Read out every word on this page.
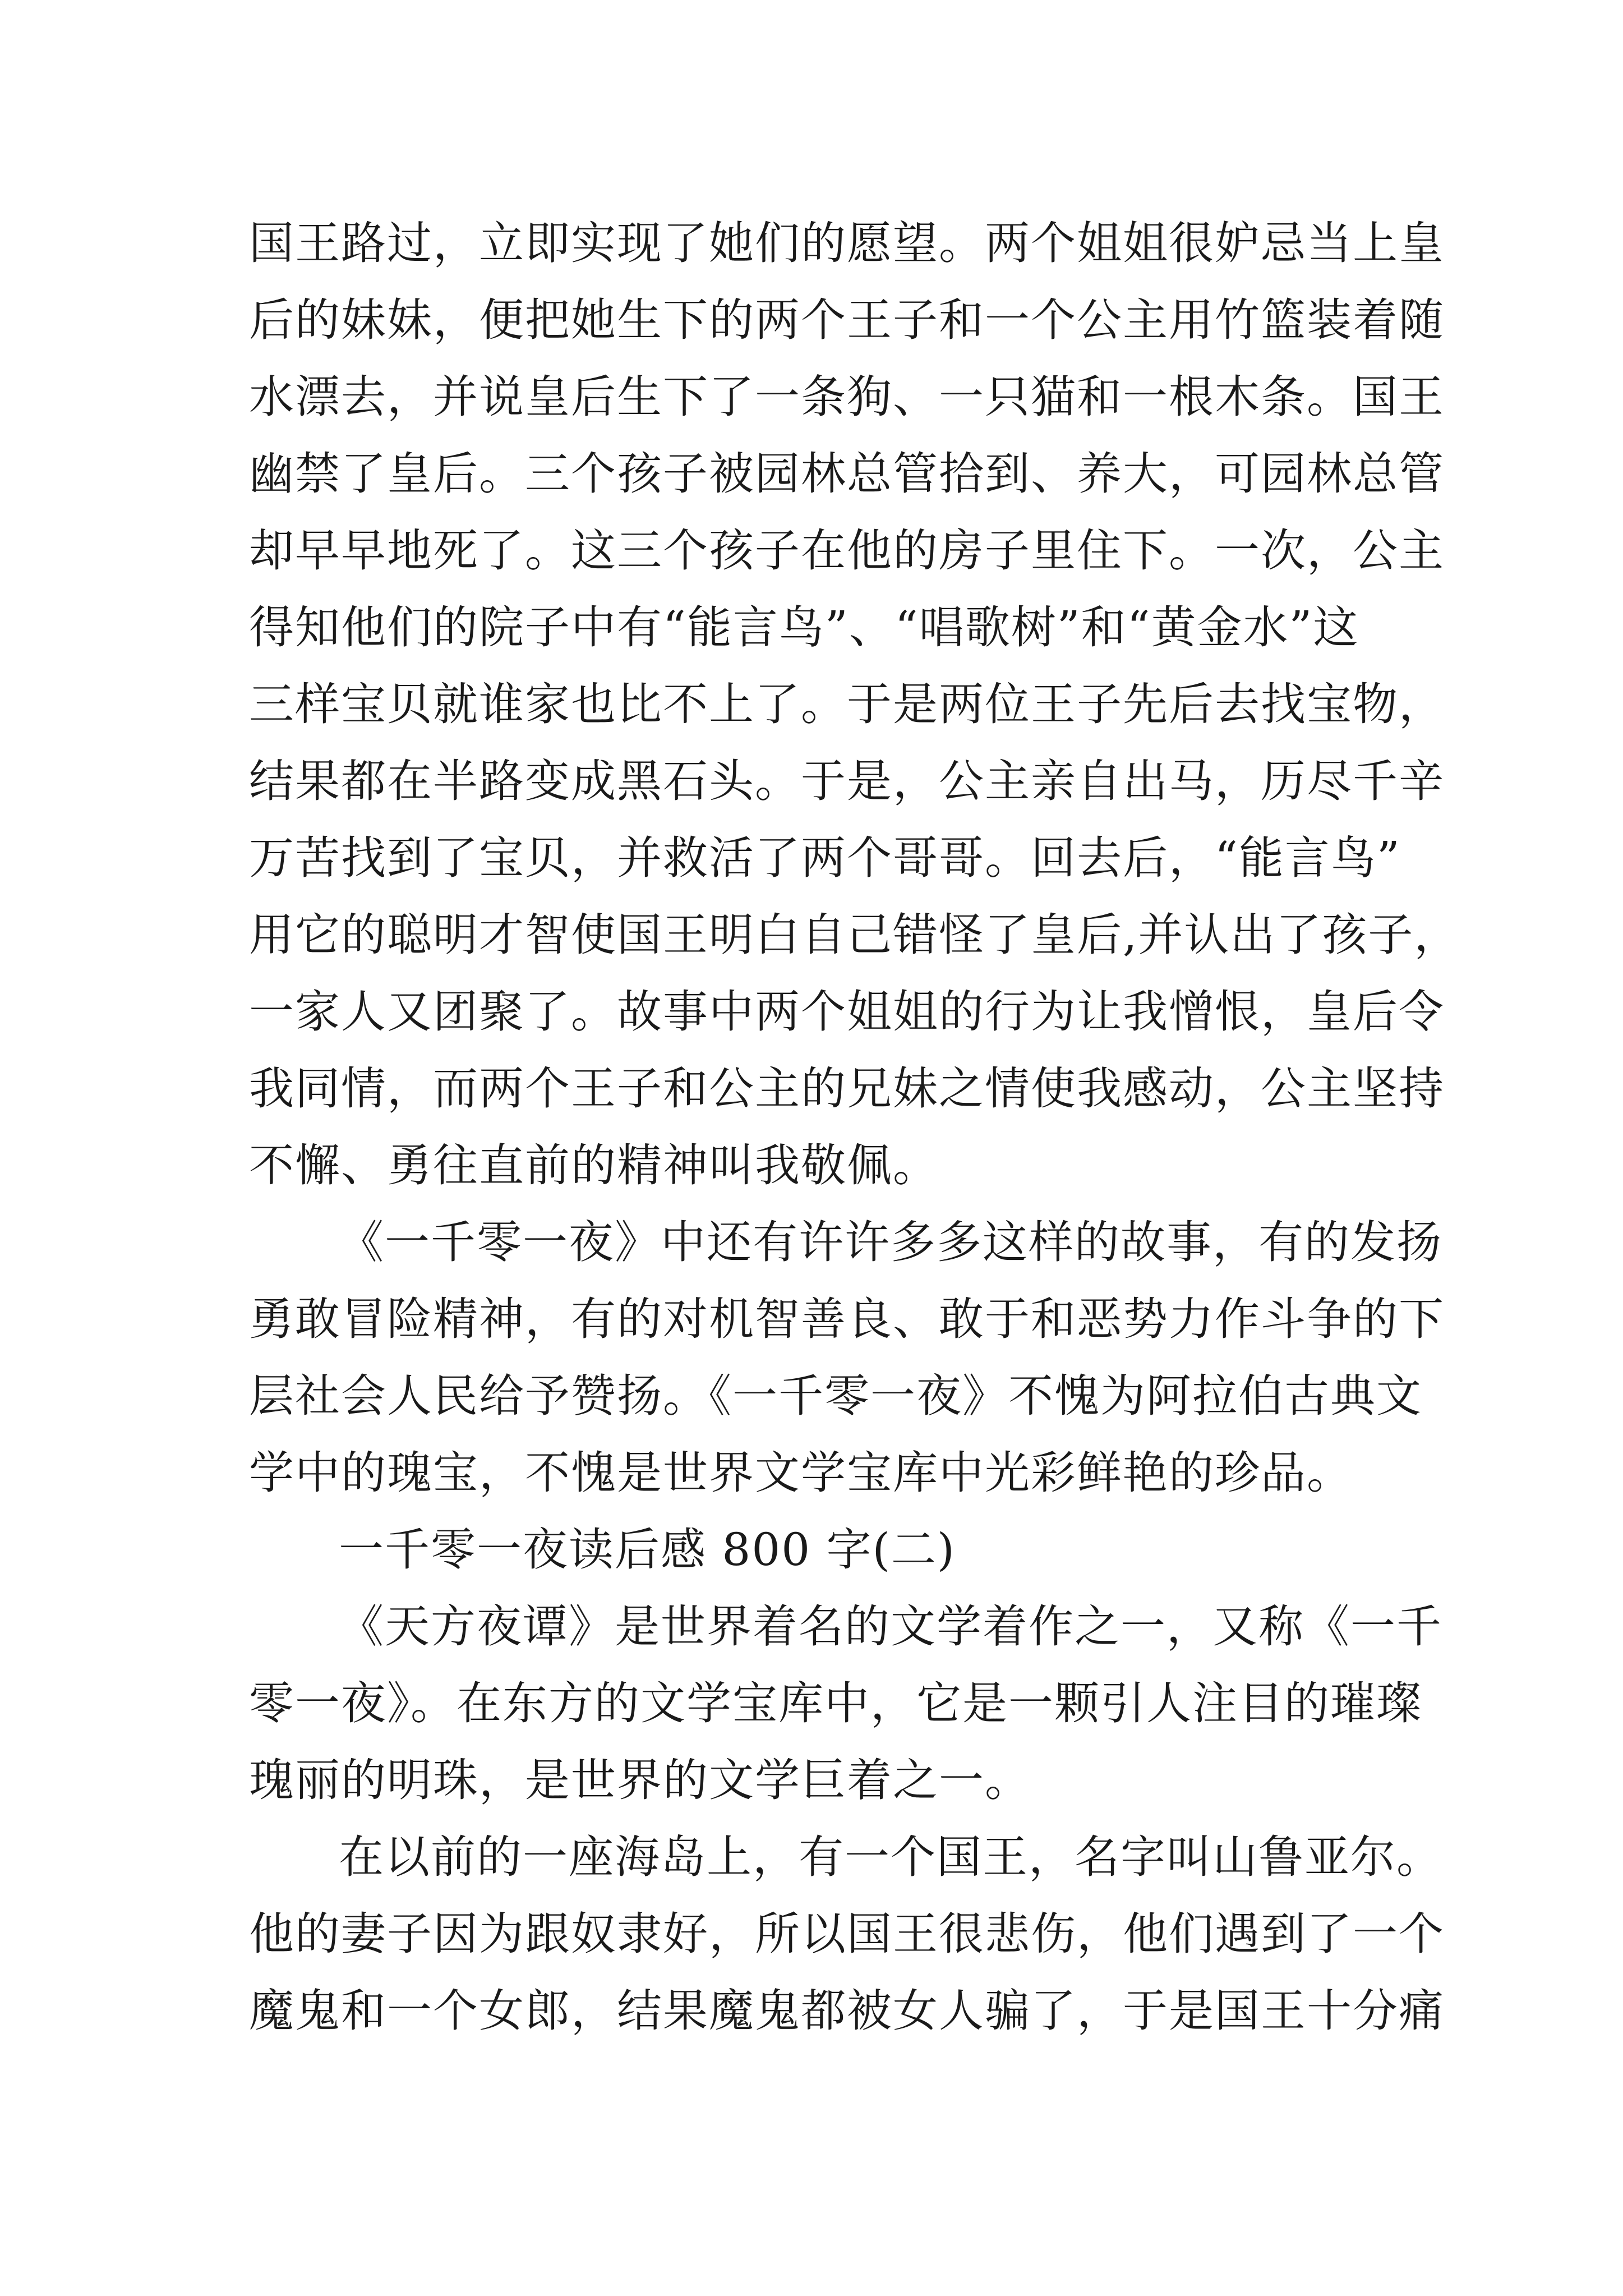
国王路过，立即实现了她们的愿望。两个姐姐很妒忌当上皇
后的妹妹，便把她生下的两个王子和一个公主用竹篮装着随
水漂去，并说皇后生下了一条狗、一只猫和一根木条。国王
幽禁了皇后。三个孩子被园林总管拾到、养大，可园林总管
却早早地死了。这三个孩子在他的房子里住下。一次，公主
得知他们的院子中有“能言鸟”、“唱歌树”和“黄金水”这
三样宝贝就谁家也比不上了。于是两位王子先后去找宝物，
结果都在半路变成黑石头。于是，公主亲自出马，历尽千辛
万苦找到了宝贝，并救活了两个哥哥。回去后，“能言鸟”
用它的聪明才智使国王明白自己错怪了皇后,并认出了孩子，
一家人又团聚了。故事中两个姐姐的行为让我憎恨，皇后令
我同情，而两个王子和公主的兄妹之情使我感动，公主坚持
不懈、勇往直前的精神叫我敬佩。
《一千零一夜》中还有许许多多这样的故事，有的发扬
勇敢冒险精神，有的对机智善良、敢于和恶势力作斗争的下
层社会人民给予赞扬。《一千零一夜》不愧为阿拉伯古典文
学中的瑰宝，不愧是世界文学宝库中光彩鲜艳的珍品。
一千零一夜读后感 800 字(二)
《天方夜谭》是世界着名的文学着作之一，又称《一千
零一夜》。在东方的文学宝库中，它是一颗引人注目的璀璨
瑰丽的明珠，是世界的文学巨着之一。
在以前的一座海岛上，有一个国王，名字叫山鲁亚尔。
他的妻子因为跟奴隶好，所以国王很悲伤，他们遇到了一个
魔鬼和一个女郎，结果魔鬼都被女人骗了，于是国王十分痛
